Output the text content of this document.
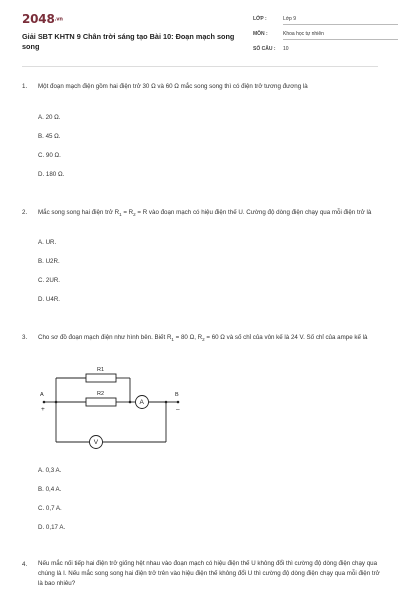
2048.vn
Giải SBT KHTN 9 Chân trời sáng tạo Bài 10: Đoạn mạch song song
LỚP :	Lớp 9
MÔN :	Khoa học tự nhiên
SỐ CÂU : 10
1. Một đoạn mạch điện gồm hai điện trở 30 Ω và 60 Ω mắc song song thì có điện trở tương đương là
A. 20 Ω.
B. 45 Ω.
C. 90 Ω.
D. 180 Ω.
2. Mắc song song hai điện trở $R_1 = R_2 = R$ vào đoạn mạch có hiệu điện thế U. Cường độ dòng điện chạy qua mỗi điện trở là
A. UR.
B. U2R.
C. 2UR.
D. U4R.
3. Cho sơ đồ đoạn mạch điện như hình bên. Biết $R_1 = 80$ Ω, $R_2 = 60$ Ω và số chỉ của vôn kế là 24 V. Số chỉ của ampe kế là
R1
R2
A
V
A	B
+	–
A. 0,3 A.
B. 0,4 A.
C. 0,7 A.
D. 0,17 A.
4. Nếu mắc nối tiếp hai điện trở giống hệt nhau vào đoạn mạch có hiệu điện thế U không đổi thì cường độ dòng điện chạy qua chúng là I. Nếu mắc song song hai điện trở trên vào hiệu điện thế không đổi U thì cường độ dòng điện chạy qua mỗi điện trở là bao nhiêu?
